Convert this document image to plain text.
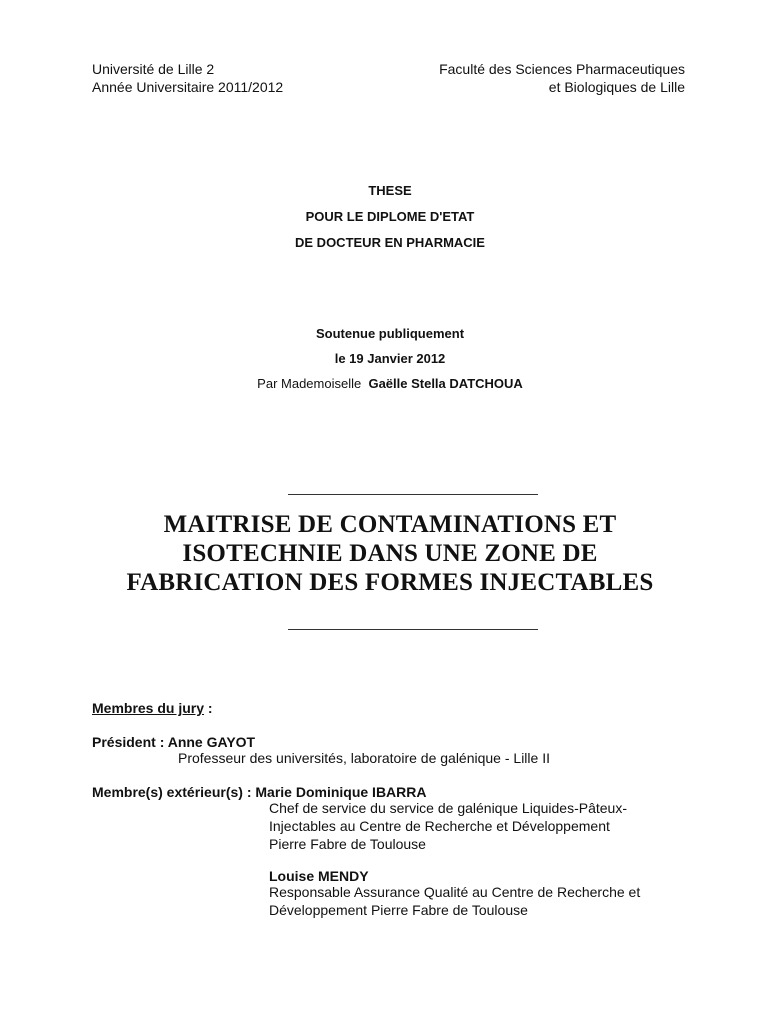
Université de Lille 2
Année Universitaire 2011/2012
Faculté des Sciences Pharmaceutiques
et Biologiques de Lille
THESE
POUR LE DIPLOME D'ETAT
DE DOCTEUR EN PHARMACIE
Soutenue publiquement
le 19 Janvier 2012
Par Mademoiselle Gaëlle Stella DATCHOUA
MAITRISE DE CONTAMINATIONS ET
ISOTECHNIE DANS UNE ZONE DE
FABRICATION DES FORMES INJECTABLES
Membres du jury :
Président : Anne GAYOT
Professeur des universités, laboratoire de galénique - Lille II
Membre(s) extérieur(s) : Marie Dominique IBARRA
Chef de service du service de galénique Liquides-Pâteux-
Injectables au Centre de Recherche et Développement
Pierre Fabre de Toulouse
Louise MENDY
Responsable Assurance Qualité au Centre de Recherche et
Développement Pierre Fabre de Toulouse
